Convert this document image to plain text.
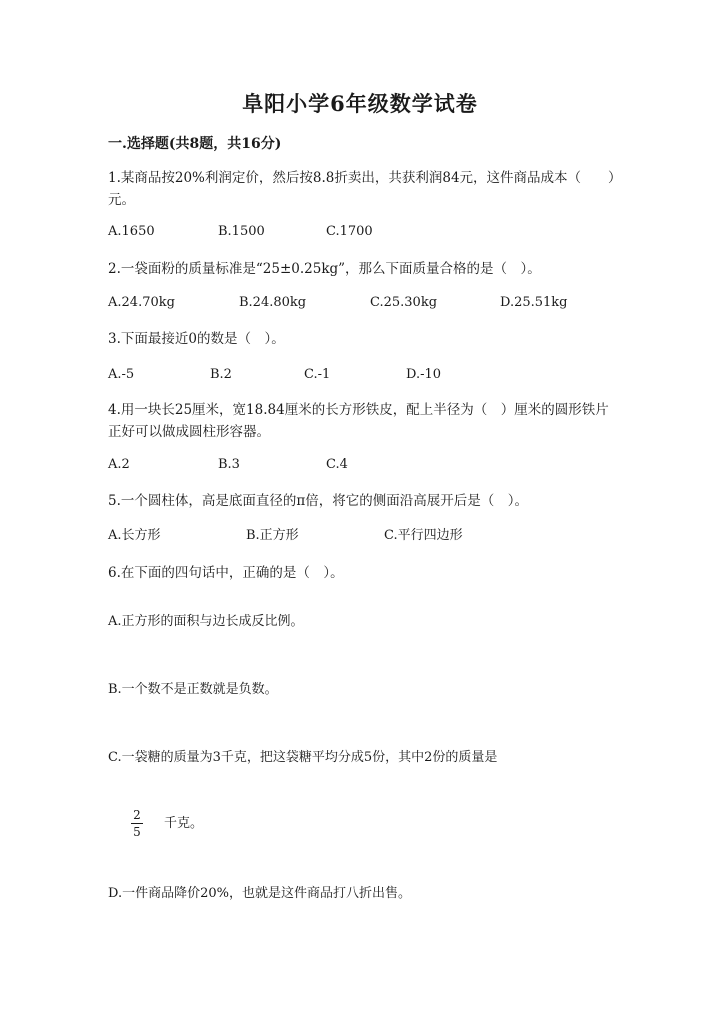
阜阳小学6年级数学试卷
一.选择题(共8题，共16分)
1.某商品按20%利润定价，然后按8.8折卖出，共获利润84元，这件商品成本（　　）元。
A.1650	B.1500	C.1700
2.一袋面粉的质量标准是“25±0.25kg”，那么下面质量合格的是（　）。
A.24.70kg	B.24.80kg	C.25.30kg	D.25.51kg
3.下面最接近0的数是（　）。
A.-5	B.2	C.-1	D.-10
4.用一块长25厘米，宽18.84厘米的长方形铁皮，配上半径为（　）厘米的圆形铁片正好可以做成圆柱形容器。
A.2	B.3	C.4
5.一个圆柱体，高是底面直径的π倍，将它的侧面沿高展开后是（　）。
A.长方形	B.正方形	C.平行四边形
6.在下面的四句话中，正确的是（　）。
A.正方形的面积与边长成反比例。
B.一个数不是正数就是负数。
C.一袋糖的质量为3千克，把这袋糖平均分成5份，其中2份的质量是
2
5
千克。
D.一件商品降价20%，也就是这件商品打八折出售。
